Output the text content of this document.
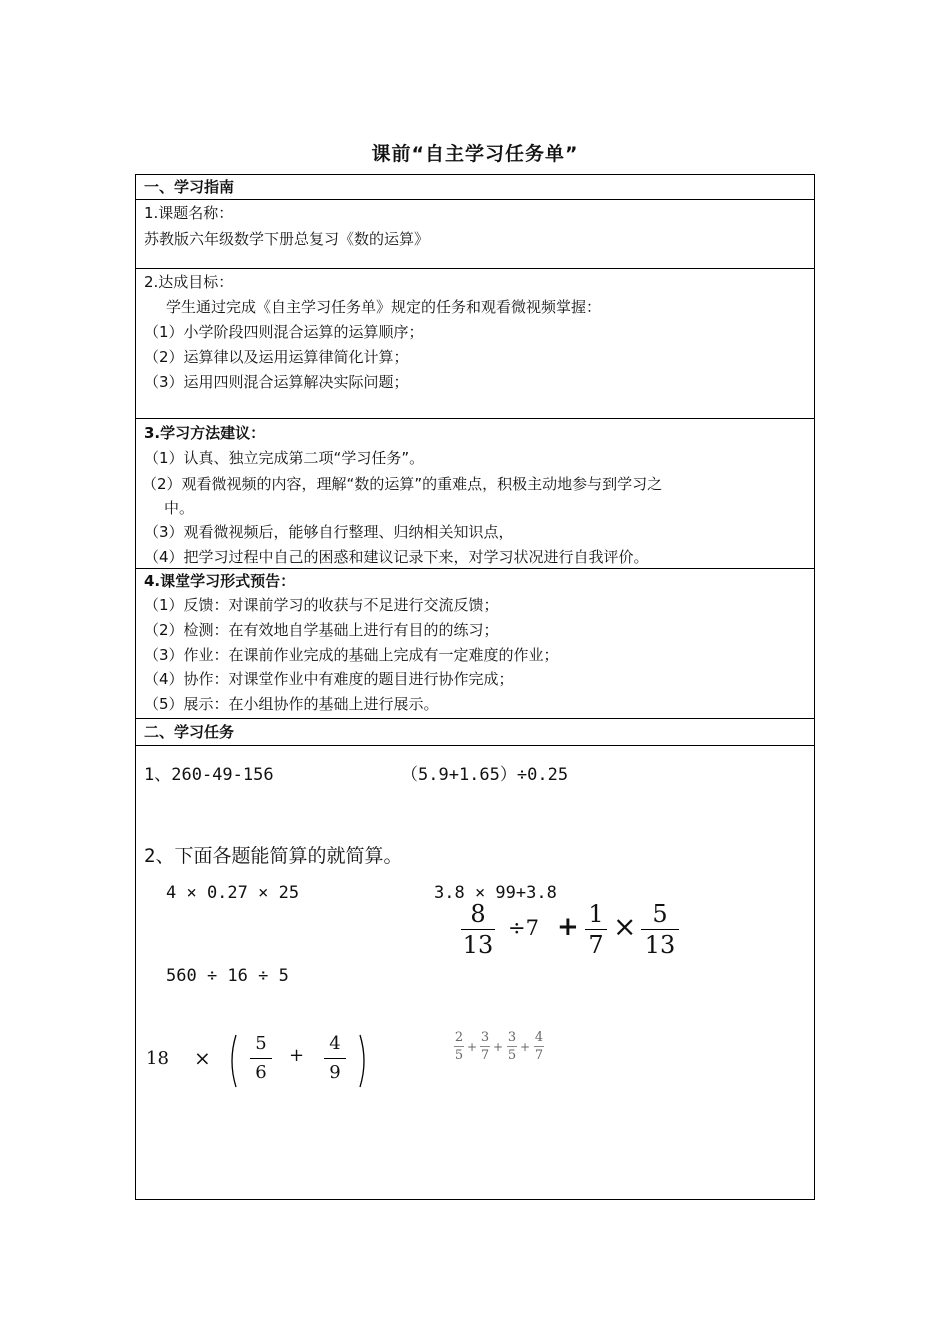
课前“自主学习任务单”
一、学习指南
1.课题名称：
苏教版六年级数学下册总复习《数的运算》
2.达成目标：
学生通过完成《自主学习任务单》规定的任务和观看微视频掌握：
（1）小学阶段四则混合运算的运算顺序；
（2）运算律以及运用运算律简化计算；
（3）运用四则混合运算解决实际问题；
3.学习方法建议：
（1）认真、独立完成第二项“学习任务”。
（2）观看微视频的内容，理解“数的运算”的重难点，积极主动地参与到学习之
中。
（3）观看微视频后，能够自行整理、归纳相关知识点，
（4）把学习过程中自己的困惑和建议记录下来，对学习状况进行自我评价。
4.课堂学习形式预告：
（1）反馈：对课前学习的收获与不足进行交流反馈；
（2）检测：在有效地自学基础上进行有目的的练习；
（3）作业：在课前作业完成的基础上完成有一定难度的作业；
（4）协作：对课堂作业中有难度的题目进行协作完成；
（5）展示：在小组协作的基础上进行展示。
二、学习任务
1、260-49-156	（5.9+1.65）÷0.25
2、下面各题能简算的就简算。
4 × 0.27 × 25	3.8 × 99+3.8
560 ÷ 16 ÷ 5
8
13
÷7 + 1
7
× 5
13
18 ×
5
6
+
4
9
2
5
+
3
7
+
3
5
+
4
7
